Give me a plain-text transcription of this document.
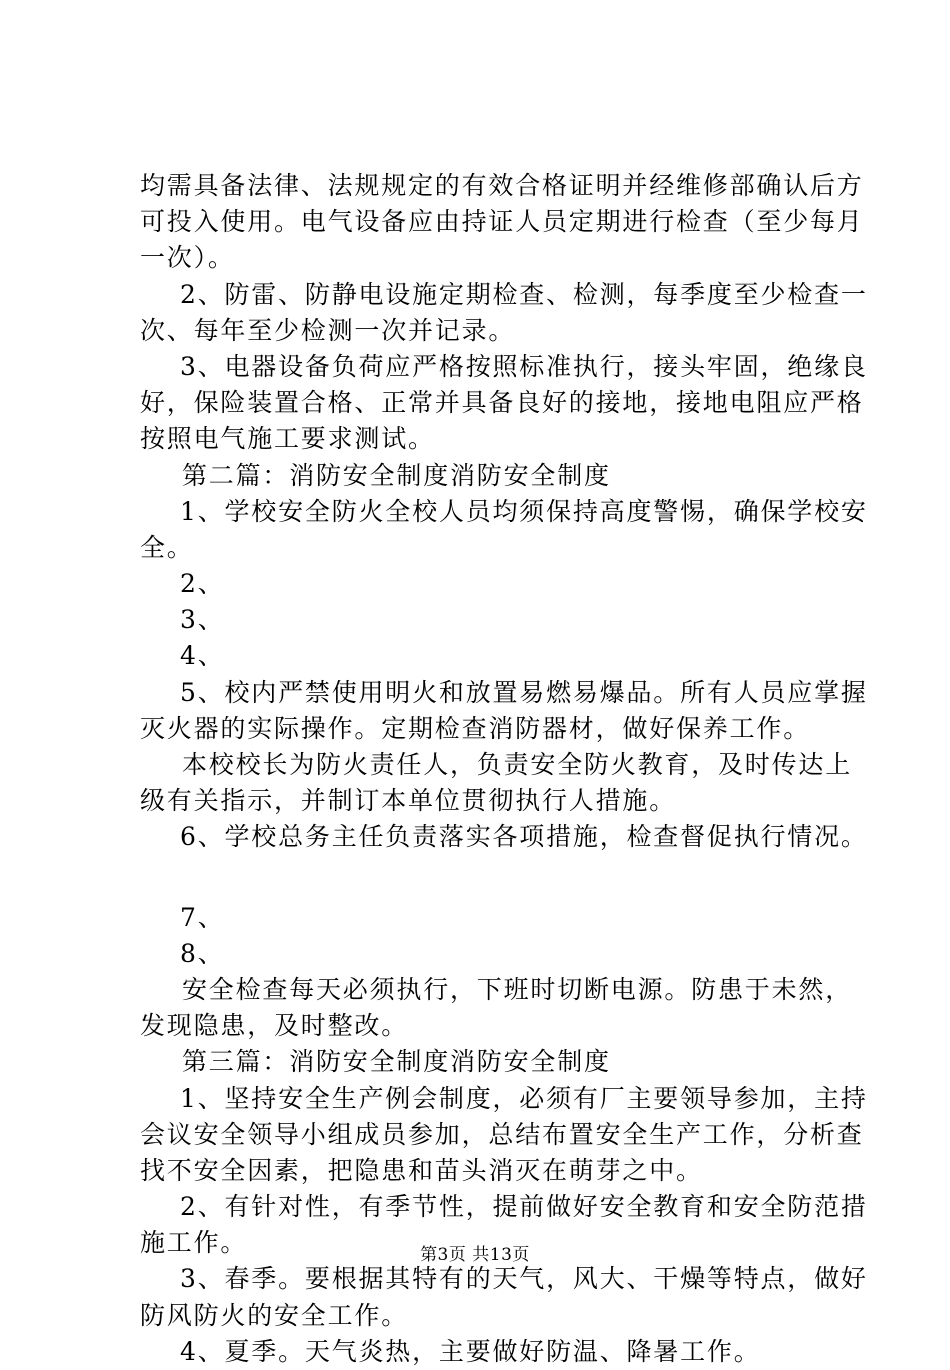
均需具备法律、法规规定的有效合格证明并经维修部确认后方
可投入使用。电气设备应由持证人员定期进行检查（至少每月
一次）。
2、防雷、防静电设施定期检查、检测，每季度至少检查一
次、每年至少检测一次并记录。
3、电器设备负荷应严格按照标准执行，接头牢固，绝缘良
好，保险装置合格、正常并具备良好的接地，接地电阻应严格
按照电气施工要求测试。
第二篇：消防安全制度消防安全制度
1、学校安全防火全校人员均须保持高度警惕，确保学校安
全。
2、
3、
4、
5、校内严禁使用明火和放置易燃易爆品。所有人员应掌握
灭火器的实际操作。定期检查消防器材，做好保养工作。
本校校长为防火责任人，负责安全防火教育，及时传达上
级有关指示，并制订本单位贯彻执行人措施。
6、学校总务主任负责落实各项措施，检查督促执行情况。
7、
8、
安全检查每天必须执行，下班时切断电源。防患于未然，
发现隐患，及时整改。
第三篇：消防安全制度消防安全制度
1、坚持安全生产例会制度，必须有厂主要领导参加，主持
会议安全领导小组成员参加，总结布置安全生产工作，分析查
找不安全因素，把隐患和苗头消灭在萌芽之中。
2、有针对性，有季节性，提前做好安全教育和安全防范措
施工作。
3、春季。要根据其特有的天气，风大、干燥等特点，做好
防风防火的安全工作。
4、夏季。天气炎热，主要做好防温、降暑工作。
第3页 共13页
